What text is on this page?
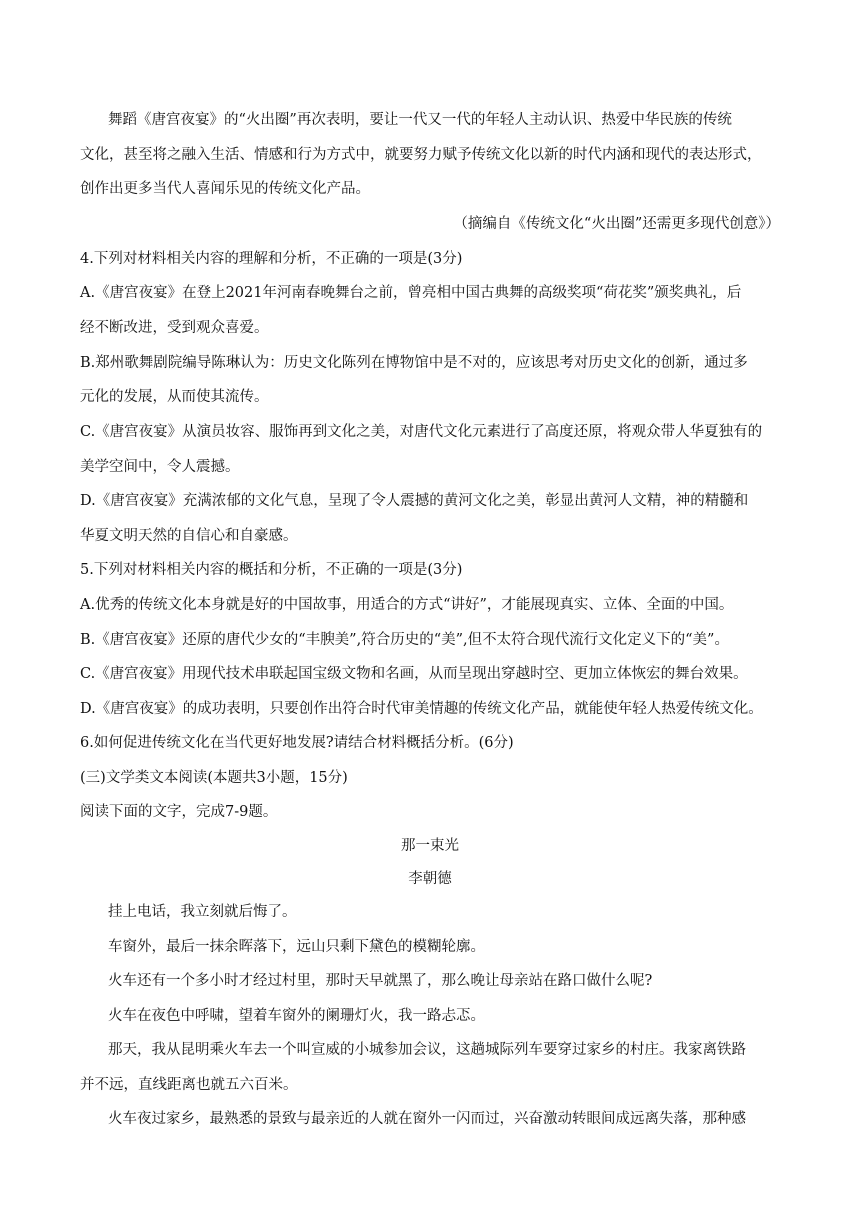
舞蹈《唐宫夜宴》的“火出圈”再次表明，要让一代又一代的年轻人主动认识、热爱中华民族的传统
文化，甚至将之融入生活、情感和行为方式中，就要努力赋予传统文化以新的时代内涵和现代的表达形式，
创作出更多当代人喜闻乐见的传统文化产品。
（摘编自《传统文化“火出圈”还需更多现代创意》）
4.下列对材料相关内容的理解和分析，不正确的一项是(3分)
A.《唐宫夜宴》在登上2021年河南春晚舞台之前，曾亮相中国古典舞的高级奖项“荷花奖”颁奖典礼，后
经不断改进，受到观众喜爱。
B.郑州歌舞剧院编导陈琳认为：历史文化陈列在博物馆中是不对的，应该思考对历史文化的创新，通过多
元化的发展，从而使其流传。
C.《唐宫夜宴》从演员妆容、服饰再到文化之美，对唐代文化元素进行了高度还原，将观众带人华夏独有的
美学空间中，令人震撼。
D.《唐宫夜宴》充满浓郁的文化气息，呈现了令人震撼的黄河文化之美，彰显出黄河人文精，神的精髓和
华夏文明天然的自信心和自豪感。
5.下列对材料相关内容的概括和分析，不正确的一项是(3分)
A.优秀的传统文化本身就是好的中国故事，用适合的方式“讲好”，才能展现真实、立体、全面的中国。
B.《唐宫夜宴》还原的唐代少女的“丰腴美”,符合历史的“美”,但不太符合现代流行文化定义下的“美”。
C.《唐宫夜宴》用现代技术串联起国宝级文物和名画，从而呈现出穿越时空、更加立体恢宏的舞台效果。
D.《唐宫夜宴》的成功表明，只要创作出符合时代审美情趣的传统文化产品，就能使年轻人热爱传统文化。
6.如何促进传统文化在当代更好地发展?请结合材料概括分析。(6分)
(三)文学类文本阅读(本题共3小题，15分)
阅读下面的文字，完成7-9题。
那一束光
李朝德
挂上电话，我立刻就后悔了。
车窗外，最后一抹余晖落下，远山只剩下黛色的模糊轮廓。
火车还有一个多小时才经过村里，那时天早就黑了，那么晚让母亲站在路口做什么呢?
火车在夜色中呼啸，望着车窗外的阑珊灯火，我一路忐忑。
那天，我从昆明乘火车去一个叫宣威的小城参加会议，这趟城际列车要穿过家乡的村庄。我家离铁路
并不远，直线距离也就五六百米。
火车夜过家乡，最熟悉的景致与最亲近的人就在窗外一闪而过，兴奋激动转眼间成远离失落，那种感
